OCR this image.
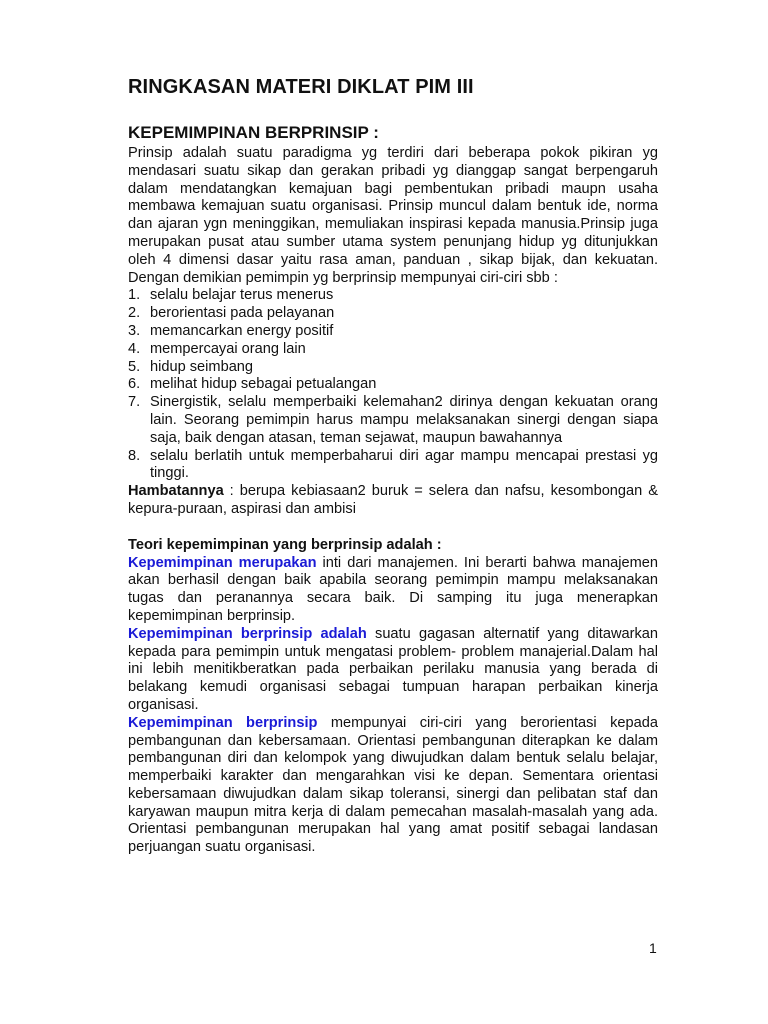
RINGKASAN MATERI DIKLAT PIM III
KEPEMIMPINAN BERPRINSIP :

Prinsip adalah suatu paradigma yg terdiri dari beberapa pokok pikiran yg mendasari suatu sikap dan gerakan pribadi yg dianggap sangat berpengaruh dalam mendatangkan kemajuan bagi pembentukan pribadi maupn usaha membawa kemajuan suatu organisasi. Prinsip muncul dalam bentuk ide, norma dan ajaran ygn meninggikan, memuliakan inspirasi kepada manusia.Prinsip juga merupakan pusat atau sumber utama system penunjang hidup yg ditunjukkan oleh 4 dimensi dasar yaitu rasa aman, panduan , sikap bijak, dan kekuatan. Dengan demikian pemimpin yg berprinsip mempunyai ciri-ciri sbb :

1. selalu belajar terus menerus
2. berorientasi pada pelayanan
3. memancarkan energy positif
4. mempercayai orang lain
5. hidup seimbang
6. melihat hidup sebagai petualangan
7. Sinergistik, selalu memperbaiki kelemahan2 dirinya dengan kekuatan orang lain. Seorang pemimpin harus mampu melaksanakan sinergi dengan siapa saja, baik dengan atasan, teman sejawat, maupun bawahannya
8. selalu berlatih untuk memperbaharui diri agar mampu mencapai prestasi yg tinggi.

Hambatannya : berupa kebiasaan2 buruk = selera dan nafsu, kesombongan & kepura-puraan, aspirasi dan ambisi

Teori kepemimpinan yang berprinsip adalah :

Kepemimpinan merupakan inti dari manajemen. Ini berarti bahwa manajemen akan berhasil dengan baik apabila seorang pemimpin mampu melaksanakan tugas dan peranannya secara baik. Di samping itu juga menerapkan kepemimpinan berprinsip.

Kepemimpinan berprinsip adalah suatu gagasan alternatif yang ditawarkan kepada para pemimpin untuk mengatasi problem- problem manajerial.Dalam hal ini lebih menitikberatkan pada perbaikan perilaku manusia yang berada di belakang kemudi organisasi sebagai tumpuan harapan perbaikan kinerja organisasi.

Kepemimpinan berprinsip mempunyai ciri-ciri yang berorientasi kepada pembangunan dan kebersamaan. Orientasi pembangunan diterapkan ke dalam pembangunan diri dan kelompok yang diwujudkan dalam bentuk selalu belajar, memperbaiki karakter dan mengarahkan visi ke depan. Sementara orientasi kebersamaan diwujudkan dalam sikap toleransi, sinergi dan pelibatan staf dan karyawan maupun mitra kerja di dalam pemecahan masalah-masalah yang ada. Orientasi pembangunan merupakan hal yang amat positif sebagai landasan perjuangan suatu organisasi.

1
